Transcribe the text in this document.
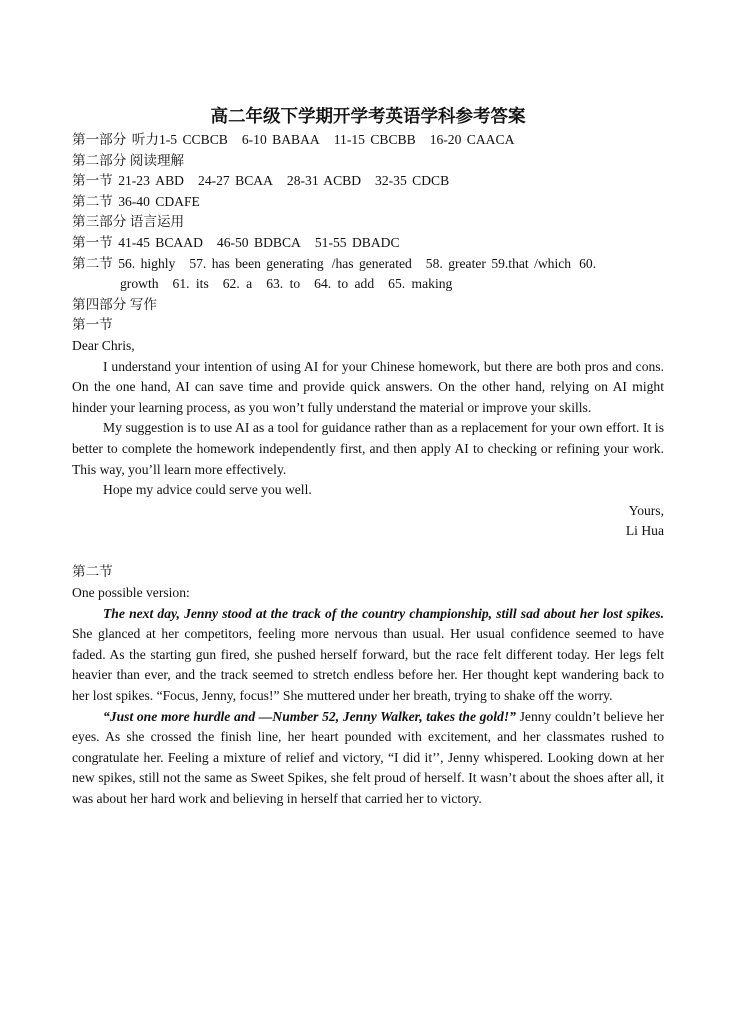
高二年级下学期开学考英语学科参考答案
第一部分 听力1-5 CCBCB 6-10 BABAA 11-15 CBCBB 16-20 CAACA
第二部分 阅读理解
第一节 21-23 ABD 24-27 BCAA 28-31 ACBD 32-35 CDCB
第二节 36-40 CDAFE
第三部分 语言运用
第一节 41-45 BCAAD 46-50 BDBCA 51-55 DBADC
第二节 56. highly 57. has been generating /has generated 58. greater 59.that /which 60.
growth 61. its 62. a 63. to 64. to add 65. making
第四部分 写作
第一节
Dear Chris,
I understand your intention of using AI for your Chinese homework, but there are both pros and cons. On the one hand, AI can save time and provide quick answers. On the other hand, relying on AI might hinder your learning process, as you won’t fully understand the material or improve your skills.
My suggestion is to use AI as a tool for guidance rather than as a replacement for your own effort. It is better to complete the homework independently first, and then apply AI to checking or refining your work. This way, you’ll learn more effectively.
Hope my advice could serve you well.
Yours,
Li Hua
第二节
One possible version:
The next day, Jenny stood at the track of the country championship, still sad about her lost spikes. She glanced at her competitors, feeling more nervous than usual. Her usual confidence seemed to have faded. As the starting gun fired, she pushed herself forward, but the race felt different today. Her legs felt heavier than ever, and the track seemed to stretch endless before her. Her thought kept wandering back to her lost spikes. “Focus, Jenny, focus!” She muttered under her breath, trying to shake off the worry.
“Just one more hurdle and —Number 52, Jenny Walker, takes the gold!” Jenny couldn’t believe her eyes. As she crossed the finish line, her heart pounded with excitement, and her classmates rushed to congratulate her. Feeling a mixture of relief and victory, “I did it’’, Jenny whispered. Looking down at her new spikes, still not the same as Sweet Spikes, she felt proud of herself. It wasn’t about the shoes after all, it was about her hard work and believing in herself that carried her to victory.
